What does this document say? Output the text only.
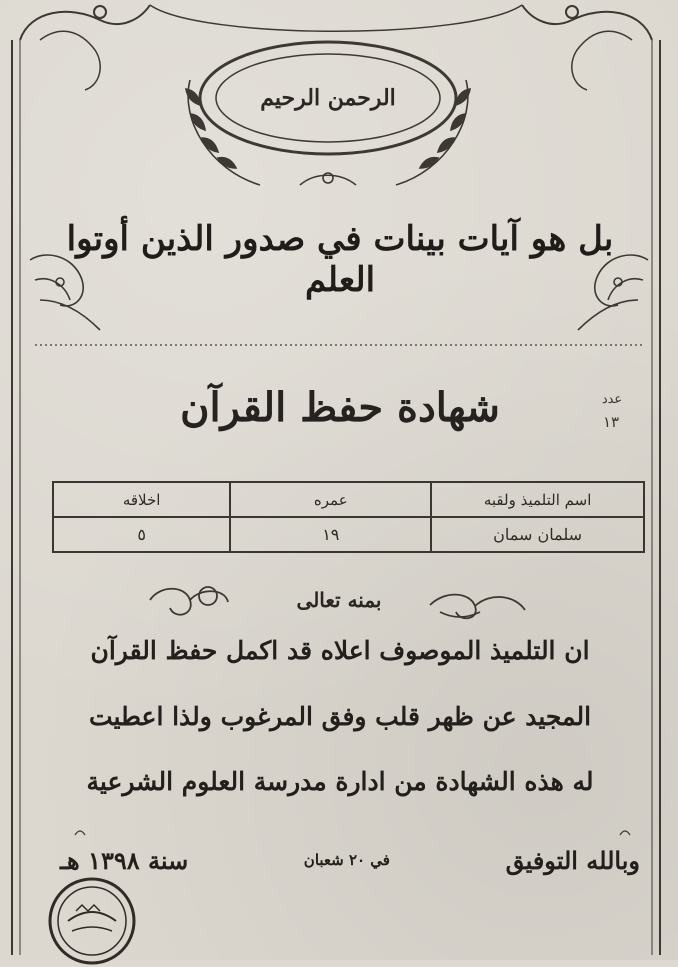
الرحمن الرحيم
بل هو آيات بينات في صدور الذين أوتوا العلم
شهادة حفظ القرآن	عدد
١٣
اسم التلميذ ولقبه	عمره	اخلاقه
سلمان سمان	١٩	٥
بمنه تعالى
ان التلميذ الموصوف اعلاه قد اكمل حفظ القرآن
المجيد عن ظهر قلب وفق المرغوب ولذا اعطيت
له هذه الشهادة من ادارة مدرسة العلوم الشرعية
وبالله التوفيق
في ٢٠ شعبان
سنة ١٣٩٨ هـ
